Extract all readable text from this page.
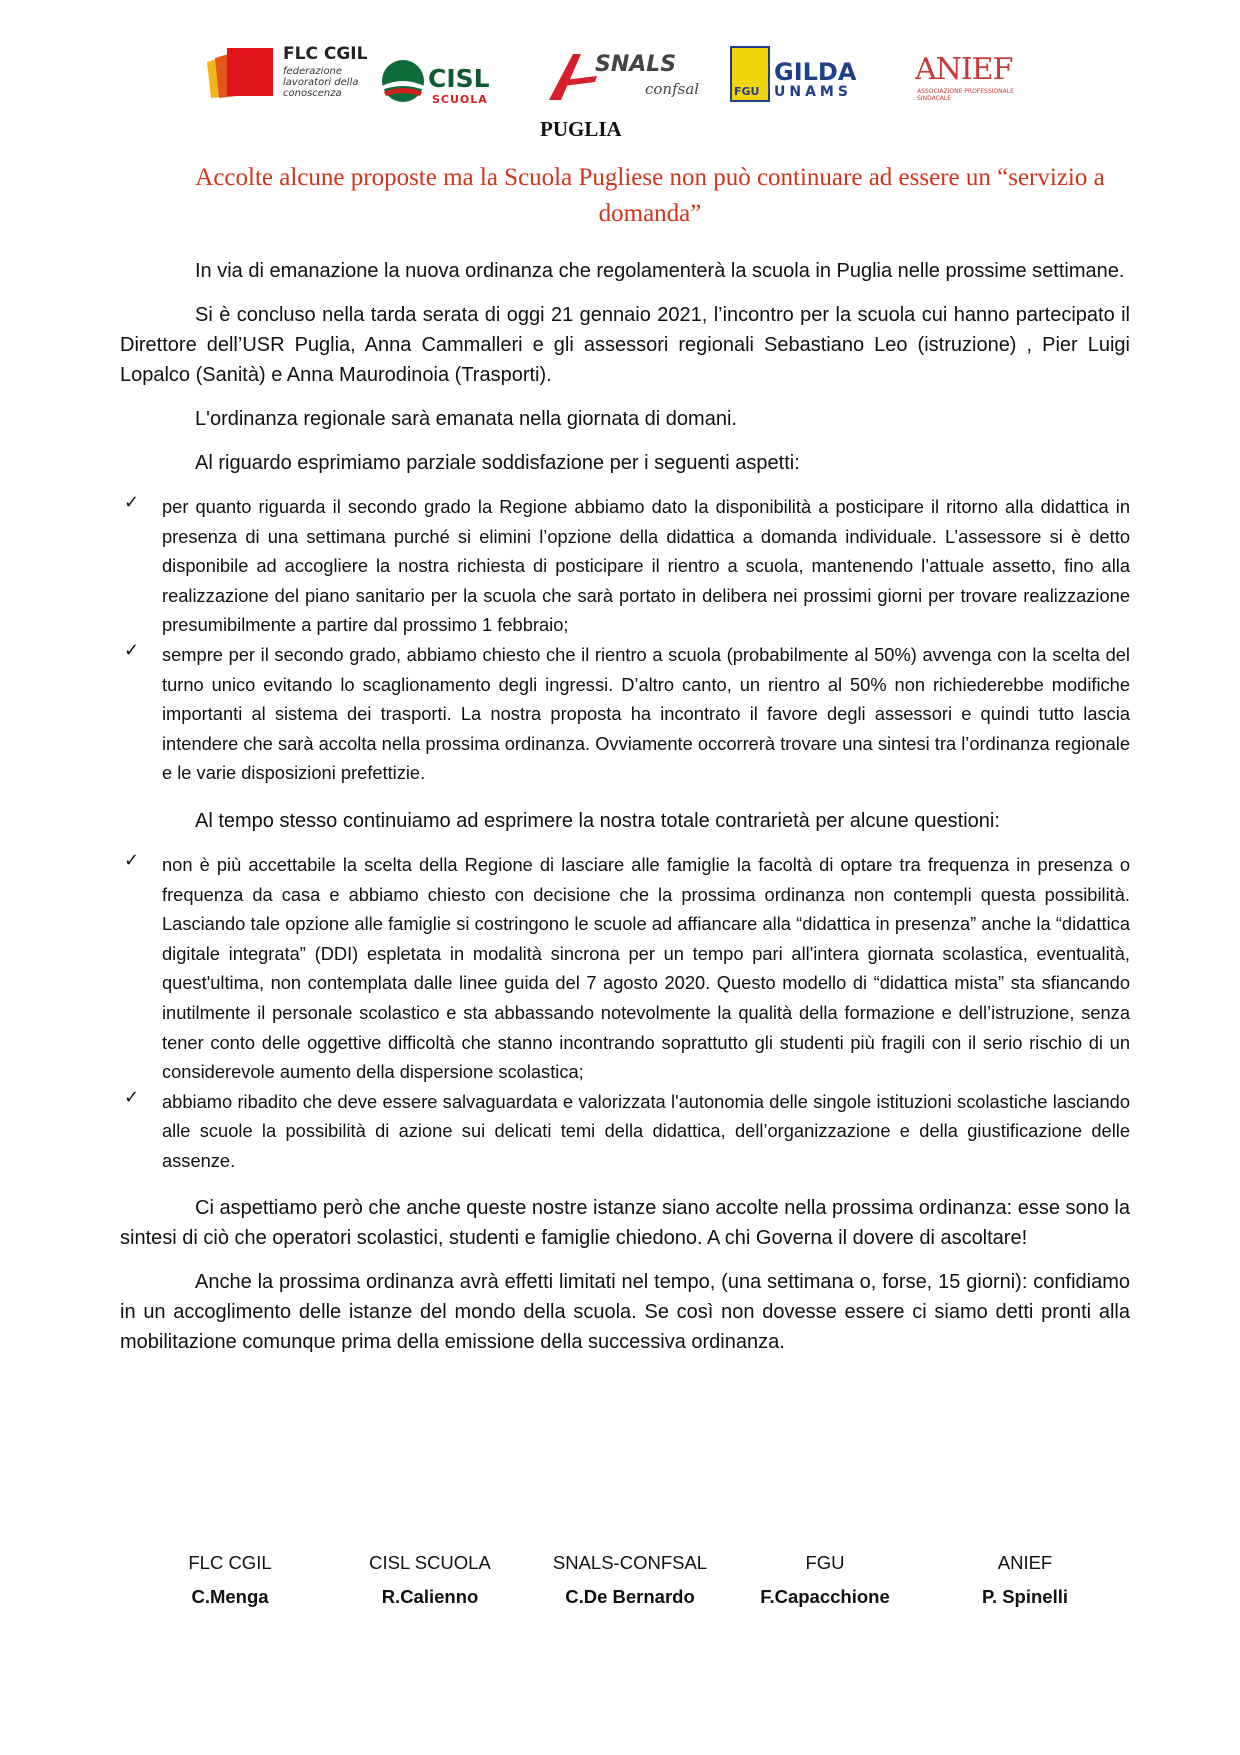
FLC CGIL
federazione lavoratori della conoscenza
CISL
SCUOLA
SNALS
confsal	FGU
GILDA
UNAMS
ANIEF
ASSOCIAZIONE PROFESSIONALE SINDACALE
PUGLIA
Accolte alcune proposte ma la Scuola Pugliese non può continuare ad essere un “servizio a domanda”

In via di emanazione la nuova ordinanza che regolamenterà la scuola in Puglia nelle prossime settimane.

Si è concluso nella tarda serata di oggi 21 gennaio 2021, l’incontro per la scuola cui hanno partecipato il Direttore dell’USR Puglia, Anna Cammalleri e gli assessori regionali Sebastiano Leo (istruzione) , Pier Luigi Lopalco (Sanità) e Anna Maurodinoia (Trasporti).

L'ordinanza regionale sarà emanata nella giornata di domani.

Al riguardo esprimiamo parziale soddisfazione per i seguenti aspetti:

✓ per quanto riguarda il secondo grado la Regione abbiamo dato la disponibilità a posticipare il ritorno alla didattica in presenza di una settimana purché si elimini l’opzione della didattica a domanda individuale. L’assessore si è detto disponibile ad accogliere la nostra richiesta di posticipare il rientro a scuola, mantenendo l’attuale assetto, fino alla realizzazione del piano sanitario per la scuola che sarà portato in delibera nei prossimi giorni per trovare realizzazione presumibilmente a partire dal prossimo 1 febbraio;
✓ sempre per il secondo grado, abbiamo chiesto che il rientro a scuola (probabilmente al 50%) avvenga con la scelta del turno unico evitando lo scaglionamento degli ingressi. D’altro canto, un rientro al 50% non richiederebbe modifiche importanti al sistema dei trasporti. La nostra proposta ha incontrato il favore degli assessori e quindi tutto lascia intendere che sarà accolta nella prossima ordinanza. Ovviamente occorrerà trovare una sintesi tra l’ordinanza regionale e le varie disposizioni prefettizie.

Al tempo stesso continuiamo ad esprimere la nostra totale contrarietà per alcune questioni:

✓ non è più accettabile la scelta della Regione di lasciare alle famiglie la facoltà di optare tra frequenza in presenza o frequenza da casa e abbiamo chiesto con decisione che la prossima ordinanza non contempli questa possibilità. Lasciando tale opzione alle famiglie si costringono le scuole ad affiancare alla “didattica in presenza” anche la “didattica digitale integrata” (DDI) espletata in modalità sincrona per un tempo pari all'intera giornata scolastica, eventualità, quest'ultima, non contemplata dalle linee guida del 7 agosto 2020. Questo modello di “didattica mista” sta sfiancando inutilmente il personale scolastico e sta abbassando notevolmente la qualità della formazione e dell’istruzione, senza tener conto delle oggettive difficoltà che stanno incontrando soprattutto gli studenti più fragili con il serio rischio di un considerevole aumento della dispersione scolastica;
✓ abbiamo ribadito che deve essere salvaguardata e valorizzata l'autonomia delle singole istituzioni scolastiche lasciando alle scuole la possibilità di azione sui delicati temi della didattica, dell’organizzazione e della giustificazione delle assenze.

Ci aspettiamo però che anche queste nostre istanze siano accolte nella prossima ordinanza: esse sono la sintesi di ciò che operatori scolastici, studenti e famiglie chiedono. A chi Governa il dovere di ascoltare!

Anche la prossima ordinanza avrà effetti limitati nel tempo, (una settimana o, forse, 15 giorni): confidiamo in un accoglimento delle istanze del mondo della scuola. Se così non dovesse essere ci siamo detti pronti alla mobilitazione comunque prima della emissione della successiva ordinanza.

FLC CGIL
C.Menga
CISL SCUOLA
R.Calienno
SNALS-CONFSAL
C.De Bernardo
FGU
F.Capacchione
ANIEF
P. Spinelli
